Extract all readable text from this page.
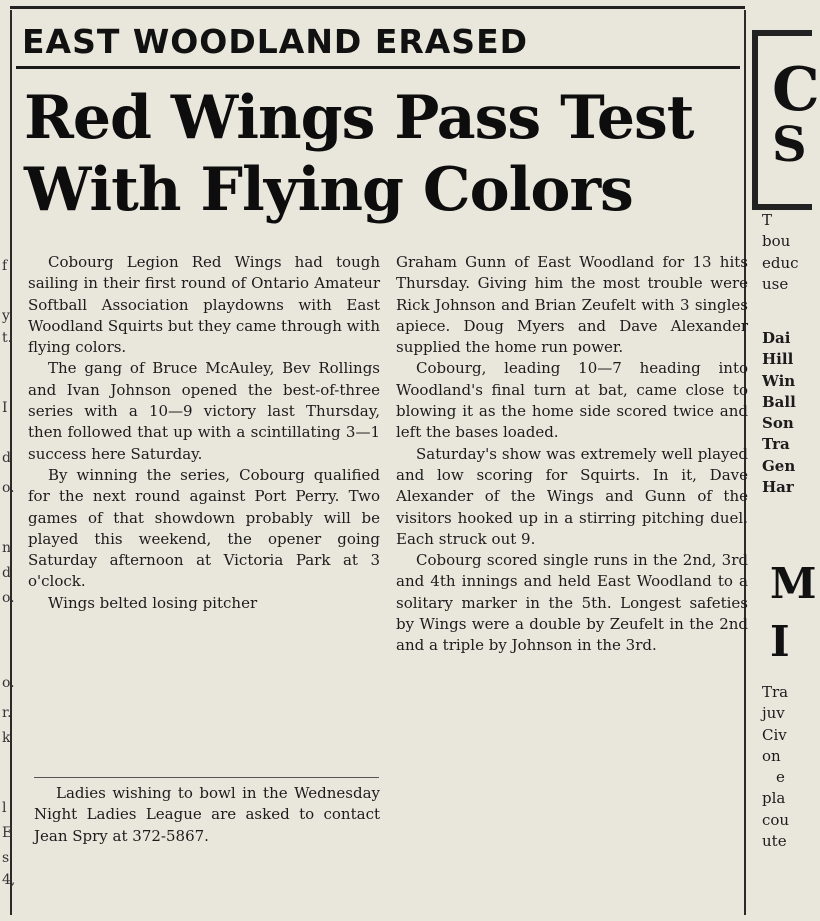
EAST WOODLAND ERASED
Red Wings Pass Test
With Flying Colors

Cobourg Legion Red Wings had tough sailing in their first round of Ontario Amateur Softball Association playdowns with East Woodland Squirts but they came through with flying colors.

The gang of Bruce McAuley, Bev Rollings and Ivan Johnson opened the best-of-three series with a 10—9 victory last Thursday, then followed that up with a scintillating 3—1 success here Saturday.

By winning the series, Cobourg qualified for the next round against Port Perry. Two games of that showdown probably will be played this weekend, the opener going Saturday afternoon at Victoria Park at 3 o'clock.

Wings belted losing pitcher

Graham Gunn of East Woodland for 13 hits Thursday. Giving him the most trouble were Rick Johnson and Brian Zeufelt with 3 singles apiece. Doug Myers and Dave Alexander supplied the home run power.

Cobourg, leading 10—7 heading into Woodland's final turn at bat, came close to blowing it as the home side scored twice and left the bases loaded.

Saturday's show was extremely well played and low scoring for Squirts. In it, Dave Alexander of the Wings and Gunn of the visitors hooked up in a stirring pitching duel. Each struck out 9.

Cobourg scored single runs in the 2nd, 3rd and 4th innings and held East Woodland to a solitary marker in the 5th. Longest safeties by Wings were a double by Zeufelt in the 2nd and a triple by Johnson in the 3rd.

Ladies wishing to bowl in the Wednesday Night Ladies League are asked to contact Jean Spry at 372-5867.

f
y
t.
I
d
o.
n
d
o.
o.
r.
k
l
E
s
4,
C
S
T
bou
educ
use
Dai
Hill
Win
Ball
Son
Tra
Gen
Har
M
I
Tra
juv
Civ
on
e
pla
cou
ute
